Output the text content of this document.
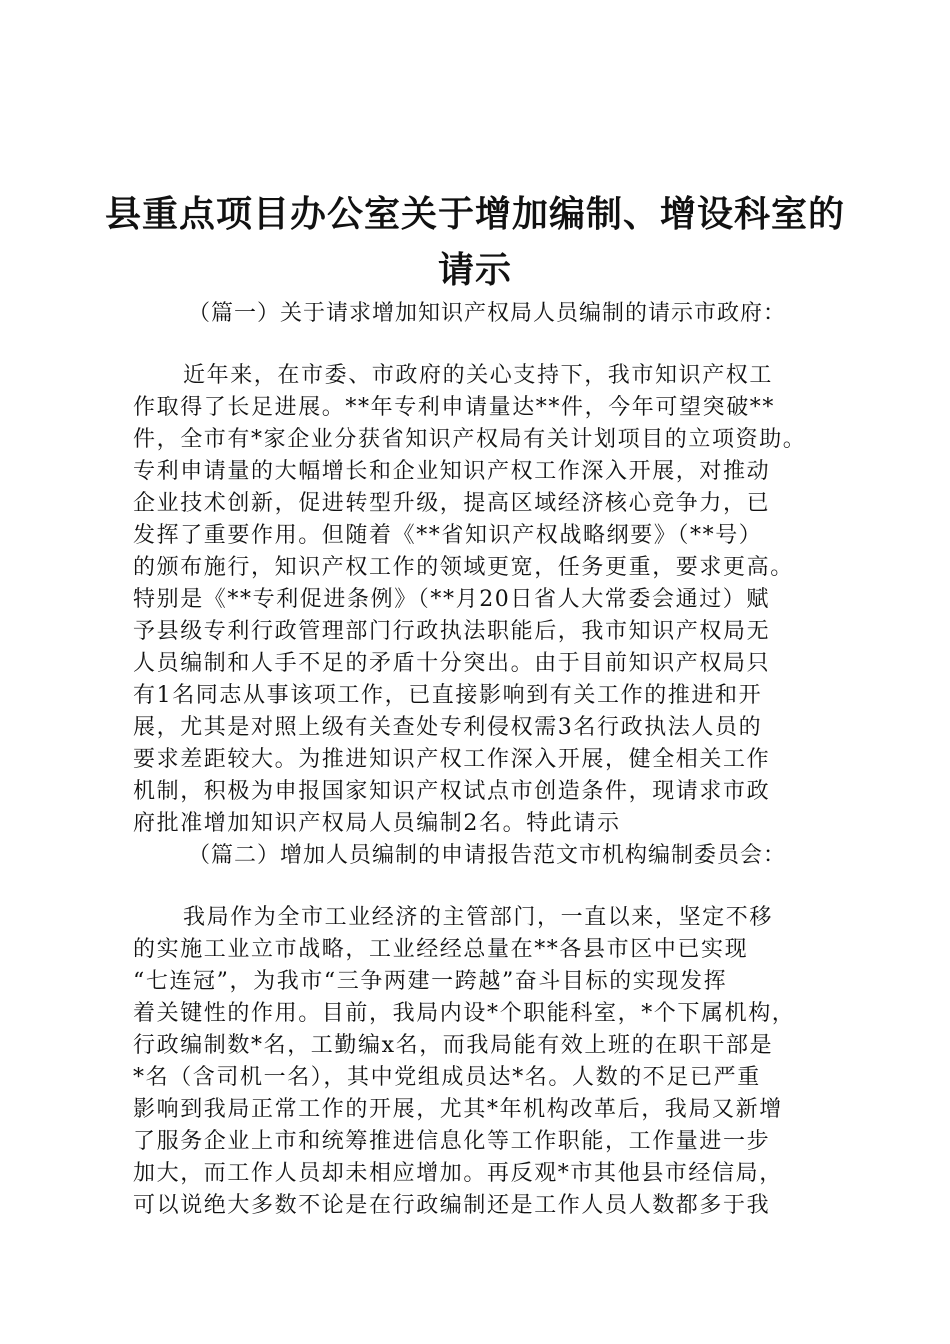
县重点项目办公室关于增加编制、增设科室的
请示
（篇一）关于请求增加知识产权局人员编制的请示市政府：
近年来，在市委、市政府的关心支持下，我市知识产权工
作取得了长足进展。**年专利申请量达**件，今年可望突破**
件，全市有*家企业分获省知识产权局有关计划项目的立项资助。
专利申请量的大幅增长和企业知识产权工作深入开展，对推动
企业技术创新，促进转型升级，提高区域经济核心竞争力，已
发挥了重要作用。但随着《**省知识产权战略纲要》（**号）
的颁布施行，知识产权工作的领域更宽，任务更重，要求更高。
特别是《**专利促进条例》（**月20日省人大常委会通过）赋
予县级专利行政管理部门行政执法职能后，我市知识产权局无
人员编制和人手不足的矛盾十分突出。由于目前知识产权局只
有1名同志从事该项工作，已直接影响到有关工作的推进和开
展，尤其是对照上级有关查处专利侵权需3名行政执法人员的
要求差距较大。为推进知识产权工作深入开展，健全相关工作
机制，积极为申报国家知识产权试点市创造条件，现请求市政
府批准增加知识产权局人员编制2名。特此请示
（篇二）增加人员编制的申请报告范文市机构编制委员会：
我局作为全市工业经济的主管部门，一直以来，坚定不移
的实施工业立市战略，工业经经总量在**各县市区中已实现
“七连冠”，为我市“三争两建一跨越”奋斗目标的实现发挥
着关键性的作用。目前，我局内设*个职能科室，*个下属机构，
行政编制数*名，工勤编x名，而我局能有效上班的在职干部是
*名（含司机一名），其中党组成员达*名。人数的不足已严重
影响到我局正常工作的开展，尤其*年机构改革后，我局又新增
了服务企业上市和统筹推进信息化等工作职能，工作量进一步
加大，而工作人员却未相应增加。再反观*市其他县市经信局，
可以说绝大多数不论是在行政编制还是工作人员人数都多于我
